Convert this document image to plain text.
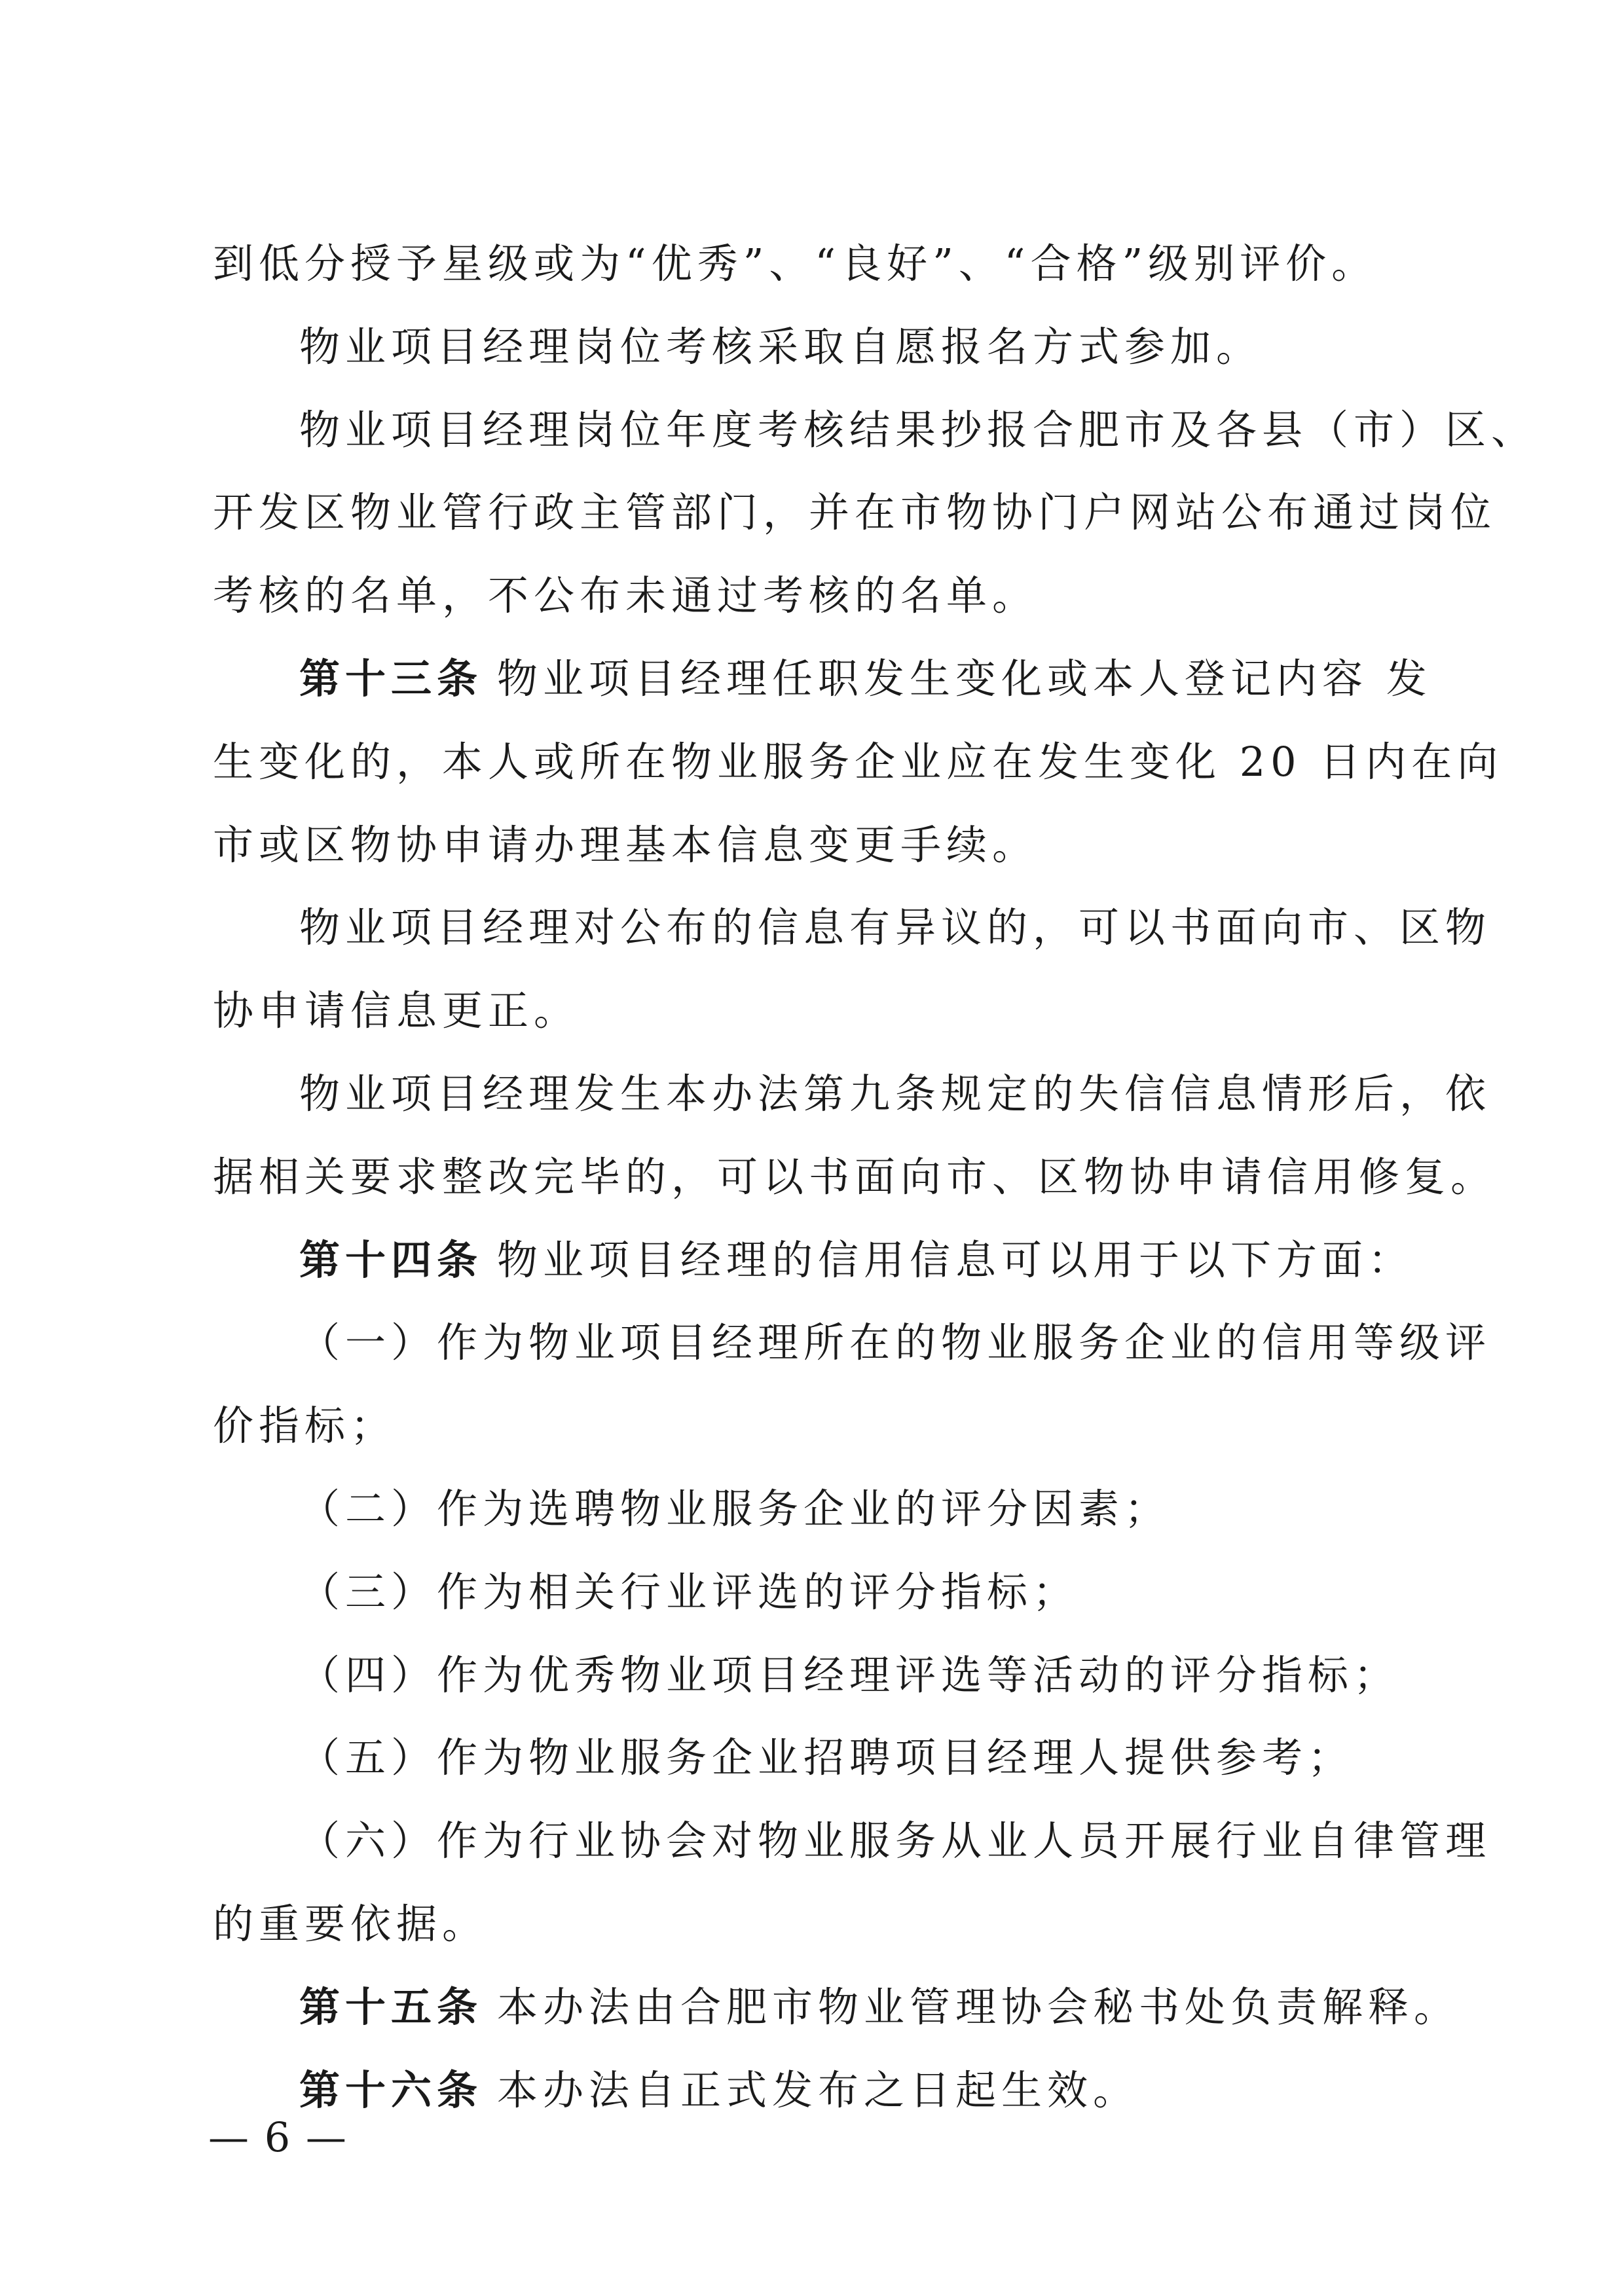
到低分授予星级或为“优秀”、“良好”、“合格”级别评价。
物业项目经理岗位考核采取自愿报名方式参加。
物业项目经理岗位年度考核结果抄报合肥市及各县（市）区、
开发区物业管行政主管部门，并在市物协门户网站公布通过岗位
考核的名单，不公布未通过考核的名单。
第十三条 物业项目经理任职发生变化或本人登记内容 发
生变化的，本人或所在物业服务企业应在发生变化 20 日内在向
市或区物协申请办理基本信息变更手续。
物业项目经理对公布的信息有异议的，可以书面向市、区物
协申请信息更正。
物业项目经理发生本办法第九条规定的失信信息情形后，依
据相关要求整改完毕的，可以书面向市、区物协申请信用修复。
第十四条 物业项目经理的信用信息可以用于以下方面：
（一）作为物业项目经理所在的物业服务企业的信用等级评
价指标；
（二）作为选聘物业服务企业的评分因素；
（三）作为相关行业评选的评分指标；
（四）作为优秀物业项目经理评选等活动的评分指标；
（五）作为物业服务企业招聘项目经理人提供参考；
（六）作为行业协会对物业服务从业人员开展行业自律管理
的重要依据。
第十五条 本办法由合肥市物业管理协会秘书处负责解释。
第十六条 本办法自正式发布之日起生效。
— 6 —
